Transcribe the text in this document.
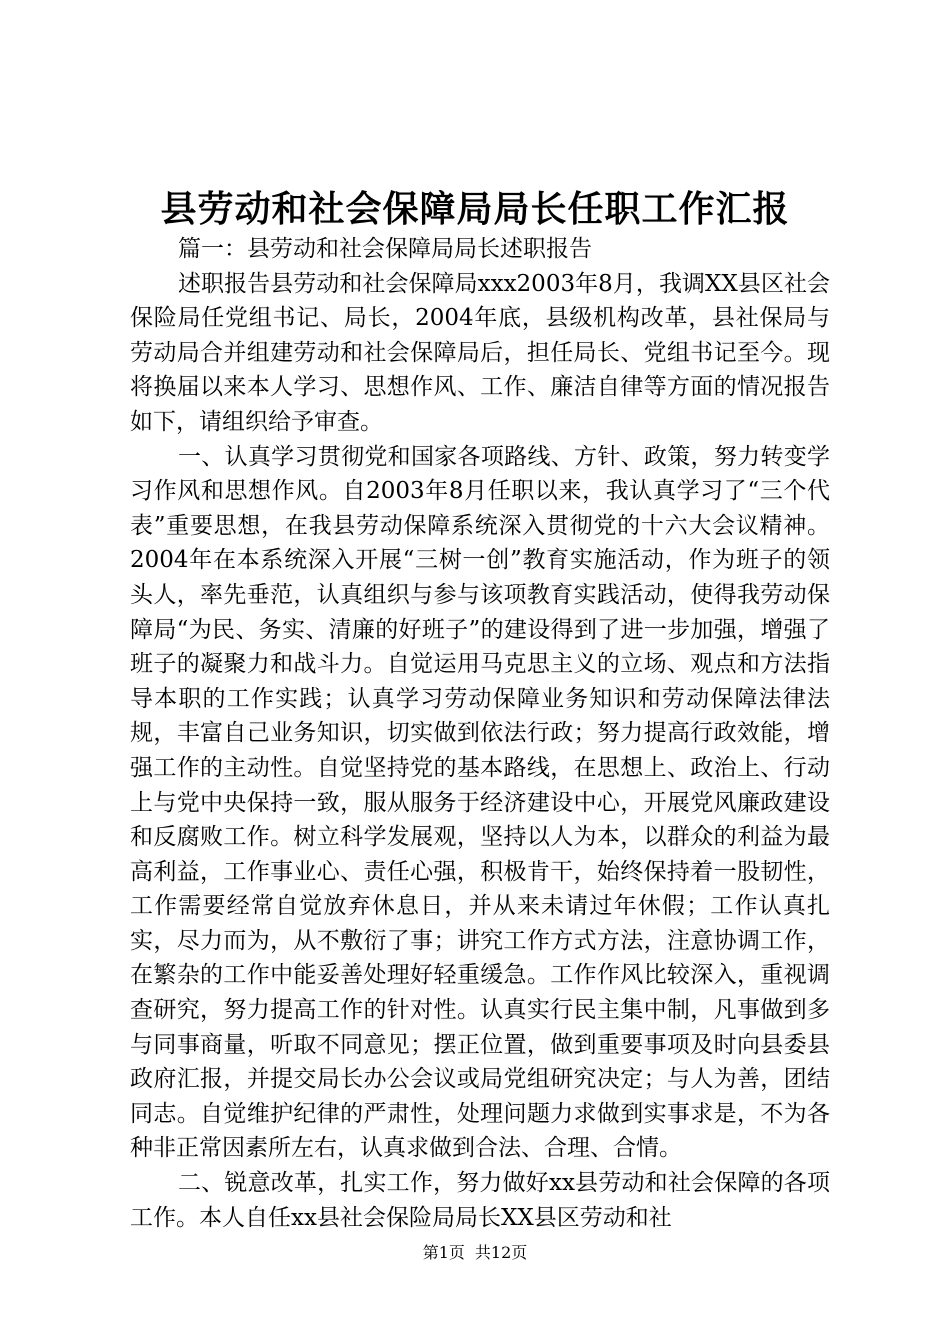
县劳动和社会保障局局长任职工作汇报

篇一：县劳动和社会保障局局长述职报告

述职报告县劳动和社会保障局xxx2003年8月，我调XX县区社会保险局任党组书记、局长，2004年底，县级机构改革，县社保局与劳动局合并组建劳动和社会保障局后，担任局长、党组书记至今。现将换届以来本人学习、思想作风、工作、廉洁自律等方面的情况报告如下，请组织给予审查。

一、认真学习贯彻党和国家各项路线、方针、政策，努力转变学习作风和思想作风。自2003年8月任职以来，我认真学习了“三个代表”重要思想，在我县劳动保障系统深入贯彻党的十六大会议精神。2004年在本系统深入开展“三树一创”教育实施活动，作为班子的领头人，率先垂范，认真组织与参与该项教育实践活动，使得我劳动保障局“为民、务实、清廉的好班子”的建设得到了进一步加强，增强了班子的凝聚力和战斗力。自觉运用马克思主义的立场、观点和方法指导本职的工作实践；认真学习劳动保障业务知识和劳动保障法律法规，丰富自己业务知识，切实做到依法行政；努力提高行政效能，增强工作的主动性。自觉坚持党的基本路线，在思想上、政治上、行动上与党中央保持一致，服从服务于经济建设中心，开展党风廉政建设和反腐败工作。树立科学发展观，坚持以人为本，以群众的利益为最高利益，工作事业心、责任心强，积极肯干，始终保持着一股韧性，工作需要经常自觉放弃休息日，并从来未请过年休假；工作认真扎实，尽力而为，从不敷衍了事；讲究工作方式方法，注意协调工作，在繁杂的工作中能妥善处理好轻重缓急。工作作风比较深入，重视调查研究，努力提高工作的针对性。认真实行民主集中制，凡事做到多与同事商量，听取不同意见；摆正位置，做到重要事项及时向县委县政府汇报，并提交局长办公会议或局党组研究决定；与人为善，团结同志。自觉维护纪律的严肃性，处理问题力求做到实事求是，不为各种非正常因素所左右，认真求做到合法、合理、合情。

二、锐意改革，扎实工作，努力做好xx县劳动和社会保障的各项工作。本人自任xx县社会保险局局长XX县区劳动和社

第1页 共12页
